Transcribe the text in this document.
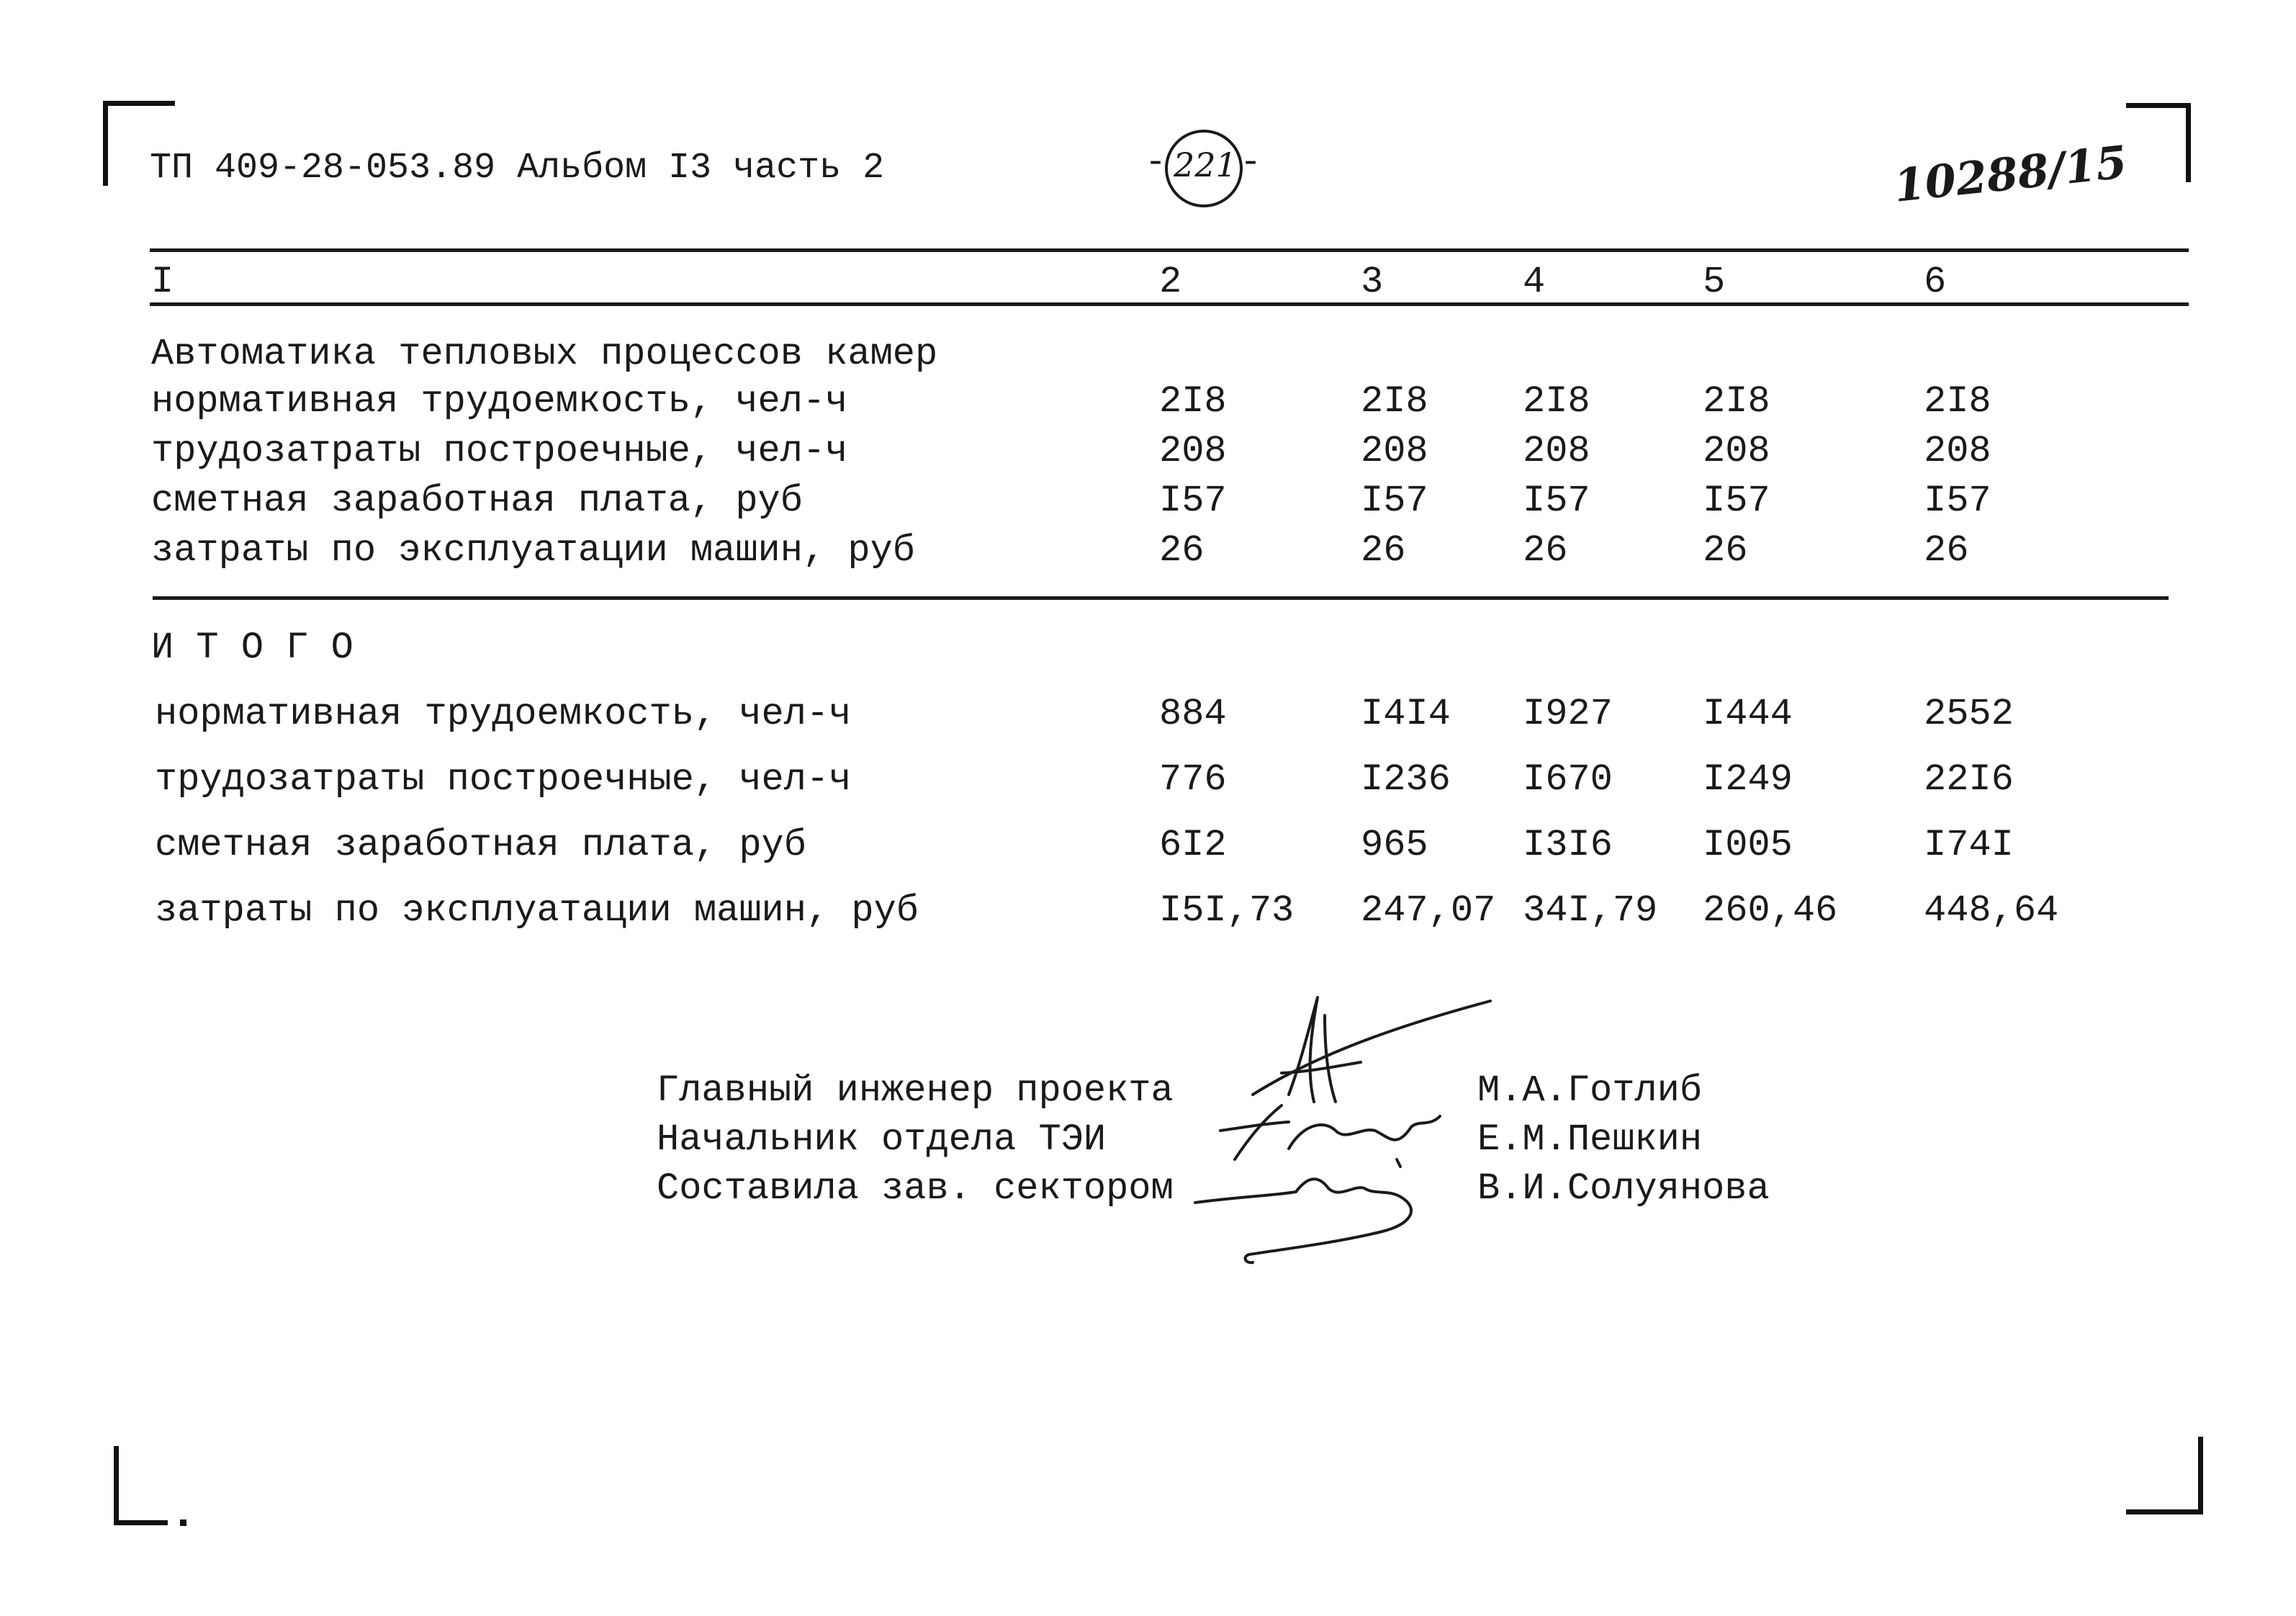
ТП 409-28-053.89 Альбом I3 часть 2	- 221 -	10288/15
I	2	3	4	5	6
Автоматика тепловых процессов камер
нормативная трудоемкость, чел-ч	2I8	2I8	2I8	2I8	2I8
трудозатраты построечные, чел-ч	208	208	208	208	208
сметная заработная плата, руб	I57	I57	I57	I57	I57
затраты по эксплуатации машин, руб	26	26	26	26	26
И Т О Г О
нормативная трудоемкость, чел-ч	884	I4I4 I927 I444	2552
трудозатраты построечные, чел-ч	776	I236 I670 I249	22I6
сметная заработная плата, руб	6I2	965	I3I6 I005	I74I
затраты по эксплуатации машин, руб	I5I,73 247,07 34I,79 260,46 448,64
Главный инженер проекта
Начальник отдела ТЭИ
Составила зав. сектором
М.А.Готлиб
Е.М.Пешкин
В.И.Солуянова
